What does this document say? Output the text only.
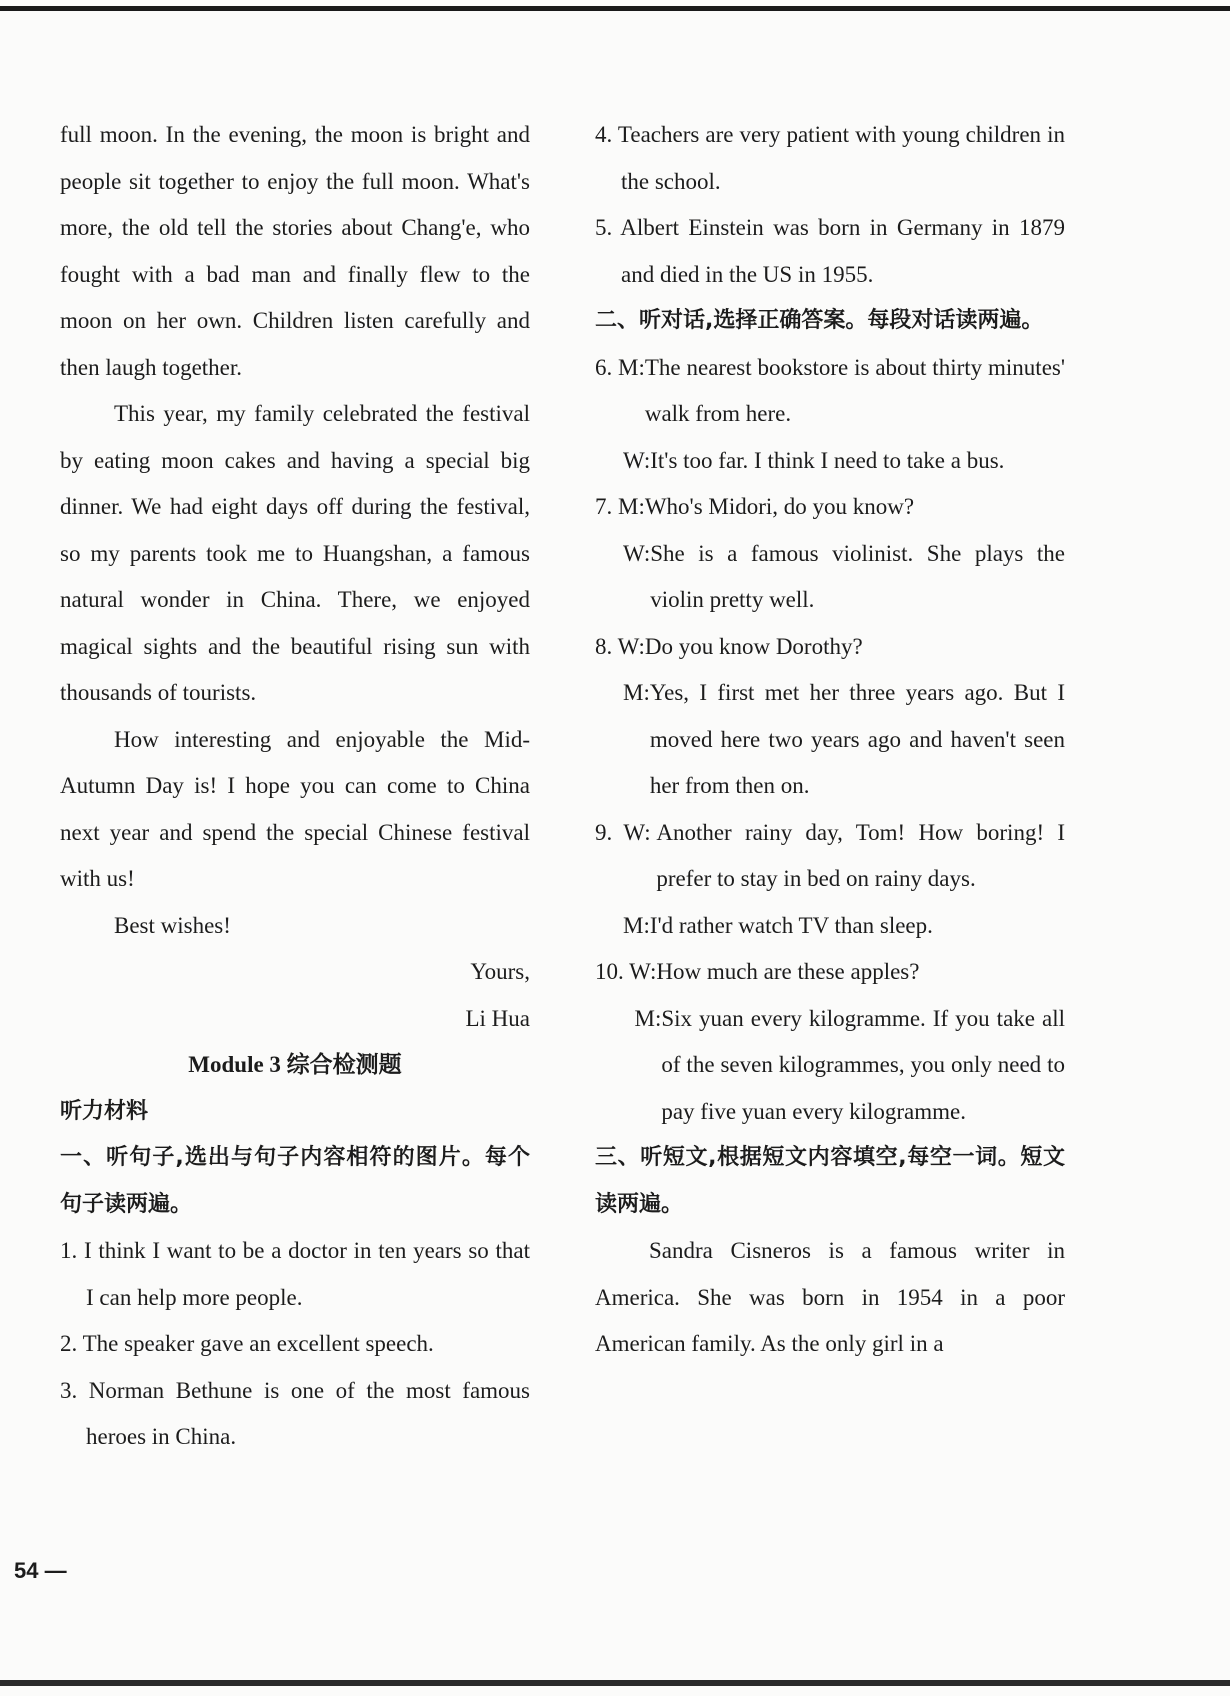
full moon. In the evening, the moon is bright and people sit together to enjoy the full moon. What's more, the old tell the stories about Chang'e, who fought with a bad man and finally flew to the moon on her own. Children listen carefully and then laugh together.

This year, my family celebrated the festival by eating moon cakes and having a special big dinner. We had eight days off during the festival, so my parents took me to Huangshan, a famous natural wonder in China. There, we enjoyed magical sights and the beautiful rising sun with thousands of tourists.

How interesting and enjoyable the Mid-Autumn Day is! I hope you can come to China next year and spend the special Chinese festival with us!

Best wishes!

Yours,

Li Hua

Module 3 综合检测题

听力材料

一、听句子,选出与句子内容相符的图片。每个句子读两遍。

1. I think I want to be a doctor in ten years so that I can help more people.

2. The speaker gave an excellent speech.

3. Norman Bethune is one of the most famous heroes in China.

4. Teachers are very patient with young children in the school.

5. Albert Einstein was born in Germany in 1879 and died in the US in 1955.

二、听对话,选择正确答案。每段对话读两遍。

6. M: The nearest bookstore is about thirty minutes' walk from here.
W: It's too far. I think I need to take a bus.
7. M: Who's Midori, do you know?
W: She is a famous violinist. She plays the violin pretty well.
8. W: Do you know Dorothy?
M: Yes, I first met her three years ago. But I moved here two years ago and haven't seen her from then on.
9.  W: Another rainy day, Tom! How boring! I prefer to stay in bed on rainy days.
M: I'd rather watch TV than sleep.
10. W: How much are these apples?
M: Six yuan every kilogramme. If you take all of the seven kilogrammes, you only need to pay five yuan every kilogramme.

三、听短文,根据短文内容填空,每空一词。短文读两遍。

Sandra Cisneros is a famous writer in America. She was born in 1954 in a poor American family. As the only girl in a

54 —
